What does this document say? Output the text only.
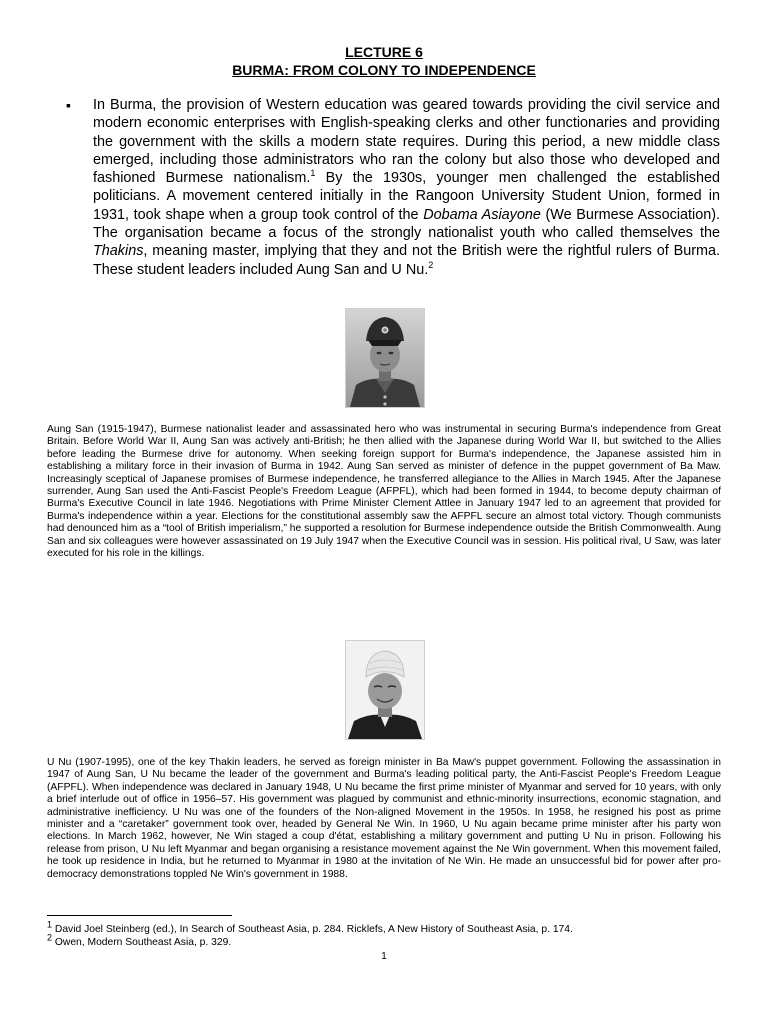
LECTURE 6
BURMA: FROM COLONY TO INDEPENDENCE
▪ In Burma, the provision of Western education was geared towards providing the civil service and modern economic enterprises with English-speaking clerks and other functionaries and providing the government with the skills a modern state requires. During this period, a new middle class emerged, including those administrators who ran the colony but also those who developed and fashioned Burmese nationalism.$^1$ By the 1930s, younger men challenged the established politicians. A movement centered initially in the Rangoon University Student Union, formed in 1931, took shape when a group took control of the Dobama Asiayone (We Burmese Association). The organisation became a focus of the strongly nationalist youth who called themselves the Thakins, meaning master, implying that they and not the British were the rightful rulers of Burma. These student leaders included Aung San and U Nu.$^2$
Aung San (1915-1947), Burmese nationalist leader and assassinated hero who was instrumental in securing Burma's independence from Great Britain. Before World War II, Aung San was actively anti-British; he then allied with the Japanese during World War II, but switched to the Allies before leading the Burmese drive for autonomy. When seeking foreign support for Burma's independence, the Japanese assisted him in establishing a military force in their invasion of Burma in 1942. Aung San served as minister of defence in the puppet government of Ba Maw. Increasingly sceptical of Japanese promises of Burmese independence, he transferred allegiance to the Allies in March 1945. After the Japanese surrender, Aung San used the Anti-Fascist People's Freedom League (AFPFL), which had been formed in 1944, to become deputy chairman of Burma's Executive Council in late 1946. Negotiations with Prime Minister Clement Attlee in January 1947 led to an agreement that provided for Burma's independence within a year. Elections for the constitutional assembly saw the AFPFL secure an almost total victory. Though communists had denounced him as a “tool of British imperialism,” he supported a resolution for Burmese independence outside the British Commonwealth. Aung San and six colleagues were however assassinated on 19 July 1947 when the Executive Council was in session. His political rival, U Saw, was later executed for his role in the killings.
U Nu (1907-1995), one of the key Thakin leaders, he served as foreign minister in Ba Maw's puppet government. Following the assassination in 1947 of Aung San, U Nu became the leader of the government and Burma's leading political party, the Anti-Fascist People's Freedom League (AFPFL). When independence was declared in January 1948, U Nu became the first prime minister of Myanmar and served for 10 years, with only a brief interlude out of office in 1956–57. His government was plagued by communist and ethnic-minority insurrections, economic stagnation, and administrative inefficiency. U Nu was one of the founders of the Non-aligned Movement in the 1950s. In 1958, he resigned his post as prime minister and a “caretaker” government took over, headed by General Ne Win. In 1960, U Nu again became prime minister after his party won elections. In March 1962, however, Ne Win staged a coup d'état, establishing a military government and putting U Nu in prison. Following his release from prison, U Nu left Myanmar and began organising a resistance movement against the Ne Win government. When this movement failed, he took up residence in India, but he returned to Myanmar in 1980 at the invitation of Ne Win. He made an unsuccessful bid for power after pro-democracy demonstrations toppled Ne Win's government in 1988.
$^1$ David Joel Steinberg (ed.), In Search of Southeast Asia, p. 284. Ricklefs, A New History of Southeast Asia, p. 174.
$^2$ Owen, Modern Southeast Asia, p. 329.
1
